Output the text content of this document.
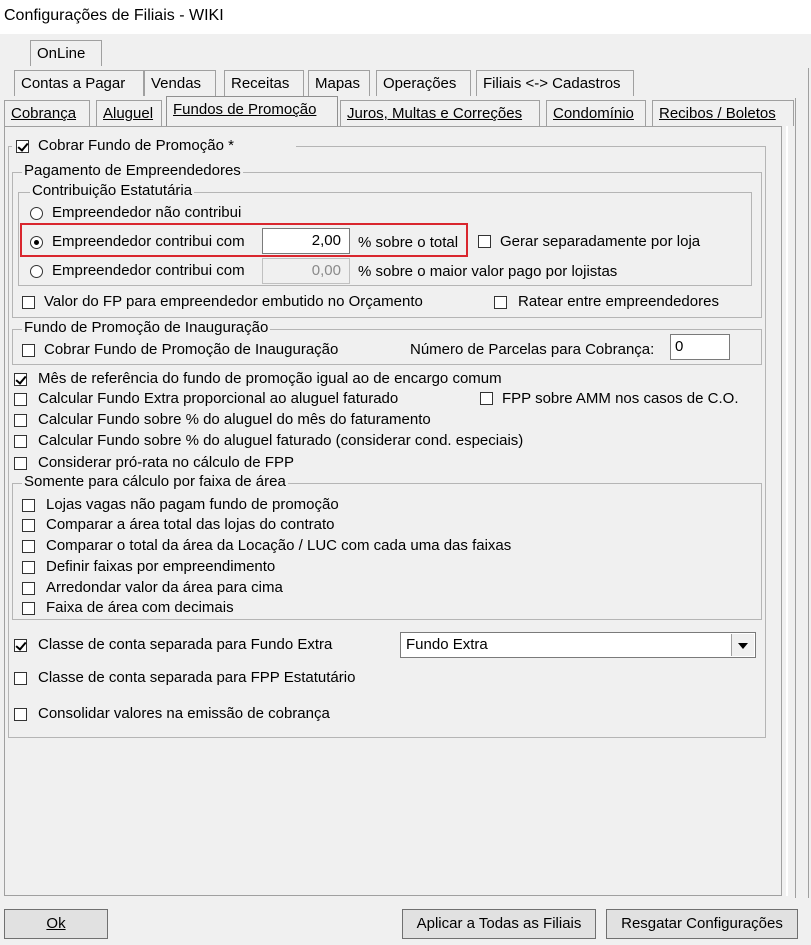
Configurações de Filiais - WIKI
OnLine
Contas a Pagar	Vendas	Receitas	Mapas	Operações	Filiais <-> Cadastros
Cobrança	Aluguel	Fundos de Promoção	Juros, Multas e Correções	Condomínio	Recibos / Boletos
Cobrar Fundo de Promoção *
Pagamento de Empreendedores
Contribuição Estatutária
Empreendedor não contribui
Empreendedor contribui com	2,00	% sobre o total	Gerar separadamente por loja
Empreendedor contribui com	0,00	% sobre o maior valor pago por lojistas
Valor do FP para empreendedor embutido no Orçamento	Ratear entre empreendedores
Fundo de Promoção de Inauguração
Cobrar Fundo de Promoção de Inauguração	Número de Parcelas para Cobrança:	0
Mês de referência do fundo de promoção igual ao de encargo comum
Calcular Fundo Extra proporcional ao aluguel faturado	FPP sobre AMM nos casos de C.O.
Calcular Fundo sobre % do aluguel do mês do faturamento
Calcular Fundo sobre % do aluguel faturado (considerar cond. especiais)
Considerar pró-rata no cálculo de FPP
Somente para cálculo por faixa de área
Lojas vagas não pagam fundo de promoção
Comparar a área total das lojas do contrato
Comparar o total da área da Locação / LUC com cada uma das faixas
Definir faixas por empreendimento
Arredondar valor da área para cima
Faixa de área com decimais
Classe de conta separada para Fundo Extra	Fundo Extra
Classe de conta separada para FPP Estatutário
Consolidar valores na emissão de cobrança
Ok	Aplicar a Todas as Filiais	Resgatar Configurações
